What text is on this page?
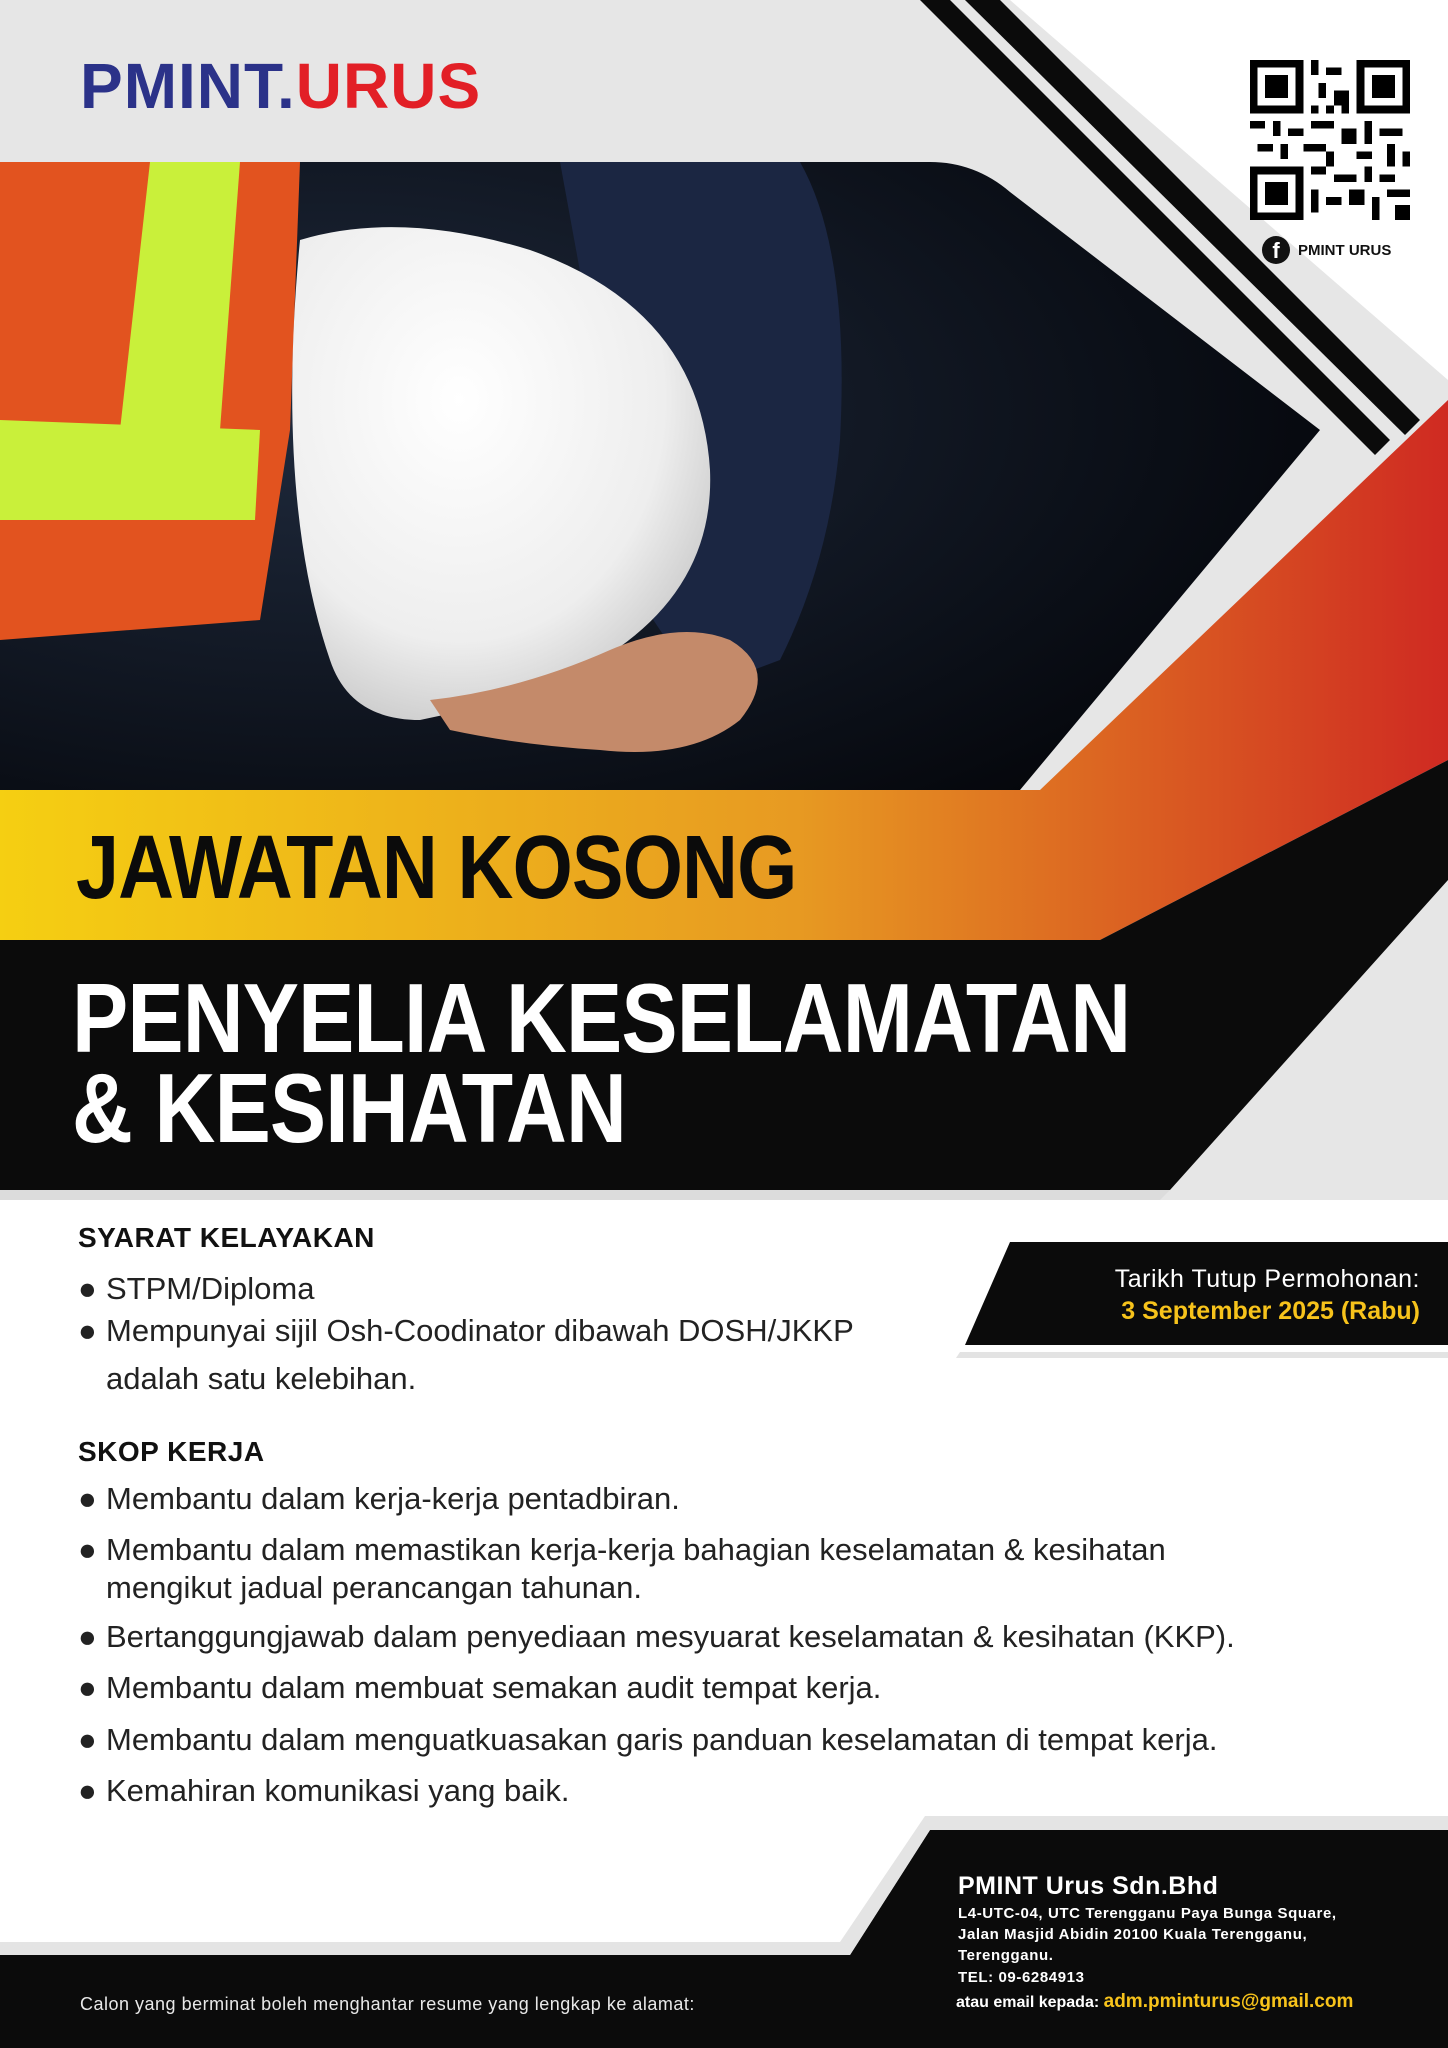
PMINT.URUS
f	PMINT URUS
JAWATAN KOSONG
PENYELIA KESELAMATAN
& KESIHATAN
SYARAT KELAYAKAN
● STPM/Diploma
● Mempunyai sijil Osh-Coodinator dibawah DOSH/JKKP
adalah satu kelebihan.
Tarikh Tutup Permohonan:
3 September 2025 (Rabu)
SKOP KERJA
● Membantu dalam kerja-kerja pentadbiran.
● Membantu dalam memastikan kerja-kerja bahagian keselamatan & kesihatan
mengikut jadual perancangan tahunan.
● Bertanggungjawab dalam penyediaan mesyuarat keselamatan & kesihatan (KKP).
● Membantu dalam membuat semakan audit tempat kerja.
● Membantu dalam menguatkuasakan garis panduan keselamatan di tempat kerja.
● Kemahiran komunikasi yang baik.
PMINT Urus Sdn.Bhd
L4-UTC-04, UTC Terengganu Paya Bunga Square,
Jalan Masjid Abidin 20100 Kuala Terengganu,
Terengganu.
TEL: 09-6284913
atau email kepada: adm.pminturus@gmail.com
Calon yang berminat boleh menghantar resume yang lengkap ke alamat:
